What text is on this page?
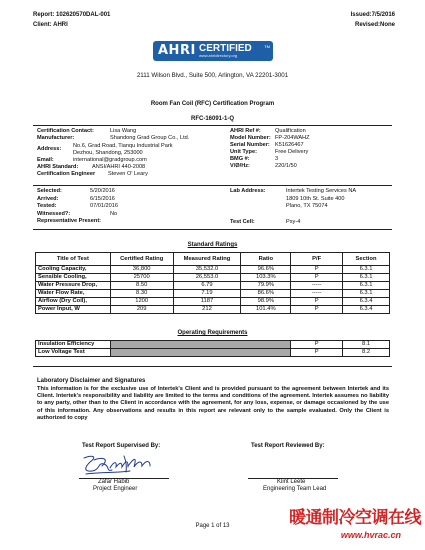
Report: 102620570DAL-001
Client: AHRI
Issued:7/5/2016
Revised:None
AHRI CERTIFIED
www.ahridirectory.org
TM
2111 Wilson Blvd., Suite 500, Arlington, VA 22201-3001
Room Fan Coil (RFC) Certification Program
RFC-16091-1-Q
Certification Contact:	Lisa Wang
Manufacturer:	Shandong Grad Group Co., Ltd.
Address: No.6, Grad Road, Tianqu Industrial Park
Dezhou, Shandong, 253000
Email:	international@gradgroup.com
AHRI Standard: ANSI/AHRI 440-2008
Certification Engineer Steven O' Leary
AHRI Ref #:	Qualification
Model Number: FP-204WAHZ
Serial Number: K51626467
Unit Type:	Free Delivery
BMG #:	3
V/Ø/Hz:	220/1/50
Selected:	5/20/2016
Arrived:	6/15/2016
Tested:	07/01/2016
Witnessed?:	No
Representative Present:
Lab Address:	Intertek Testing Services NA
1809 10th St. Suite 400
Plano, TX 75074
Test Cell:	Psy-4
Standard Ratings
Title of Test	Certified Rating	Measured Rating	Ratio	P/F	Section
Cooling Capacity,	36,800	35,532.0	96.6%	P	6.3.1
Sensible Cooling,	25700	26,553.0	103.3%	P	6.3.1
Water Pressure Drop,	8.50	6.79	79.9%	-----	6.3.1
Water Flow Rate,	8.30	7.19	86.6%	-----	6.3.1
Airflow (Dry Coil),	1200	1187	98.9%	P	6.3.4
Power Input, W	209	212	101.4%	P	6.3.4
Operating Requirements
Insulation Efficiency		P	8.1
Low Voltage Test		P	8.2
Laboratory Disclaimer and Signatures
This information is for the exclusive use of Intertek's Client and is provided pursuant to the agreement between Intertek and its Client. Intertek's responsibility and liability are limited to the terms and conditions of the agreement. Intertek assumes no liability to any party, other than to the Client in accordance with the agreement, for any loss, expense, or damage occasioned by the use of this information. Any observations and results in this report are relevant only to the sample evaluated. Only the Client is authorized to copy
Test Report Supervised By:	Test Report Reviewed By:
Zafar Habib
Project Engineer
Klint Leete
Engineering Team Lead
Page 1 of 13	暖通制冷空调在线
www.hvrac.cn
